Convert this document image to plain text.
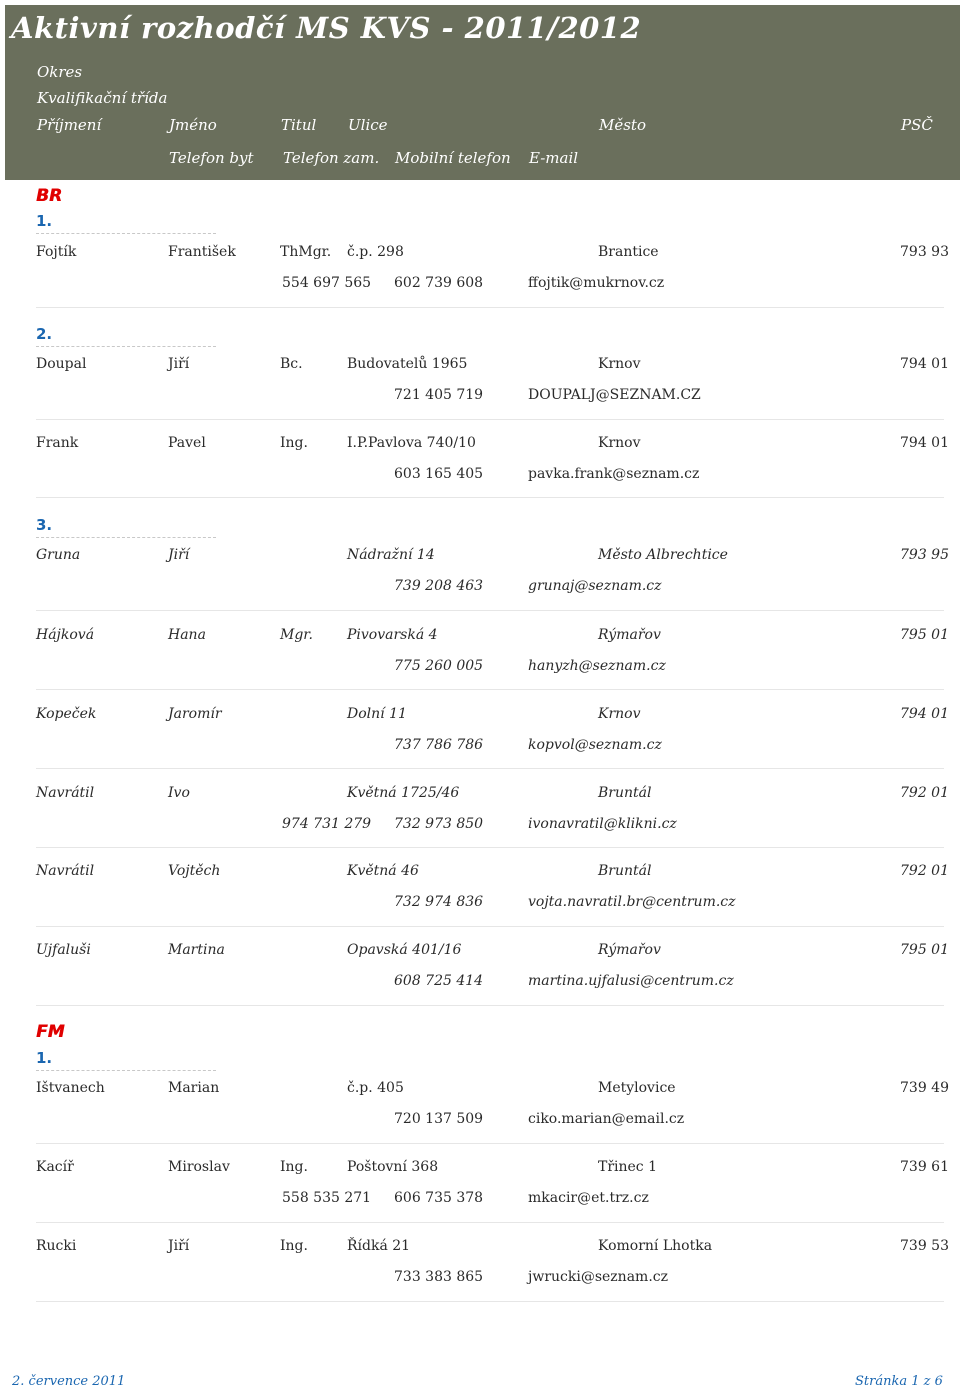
Aktivní rozhodčí MS KVS - 2011/2012
Okres
Kvalifikační třída
Příjmení	Jméno	Titul Ulice	Město	PSČ
Telefon byt Telefon zam. Mobilní telefon E-mail
BR
1.
Fojtík	František	ThMgr. č.p. 298	Brantice	793 93
554 697 565 602 739 608	ffojtik@mukrnov.cz
2.
Doupal	Jiří	Bc.	Budovatelů 1965	Krnov	794 01
721 405 719	DOUPALJ@SEZNAM.CZ
Frank	Pavel	Ing.	I.P.Pavlova 740/10	Krnov	794 01
603 165 405	pavka.frank@seznam.cz
3.
Gruna	Jiří	Nádražní 14	Město Albrechtice	793 95
739 208 463	grunaj@seznam.cz
Hájková	Hana	Mgr. Pivovarská 4	Rýmařov	795 01
775 260 005	hanyzh@seznam.cz
Kopeček	Jaromír	Dolní 11	Krnov	794 01
737 786 786	kopvol@seznam.cz
Navrátil	Ivo	Květná 1725/46	Bruntál	792 01
974 731 279 732 973 850	ivonavratil@klikni.cz
Navrátil	Vojtěch	Květná 46	Bruntál	792 01
732 974 836	vojta.navratil.br@centrum.cz
Ujfaluši	Martina	Opavská 401/16	Rýmařov	795 01
608 725 414	martina.ujfalusi@centrum.cz
FM
1.
Ištvanech	Marian	č.p. 405	Metylovice	739 49
720 137 509	ciko.marian@email.cz
Kacíř	Miroslav	Ing.	Poštovní 368	Třinec 1	739 61
558 535 271 606 735 378	mkacir@et.trz.cz
Rucki	Jiří	Ing.	Řídká 21	Komorní Lhotka	739 53
733 383 865	jwrucki@seznam.cz
2. července 2011	Stránka 1 z 6
